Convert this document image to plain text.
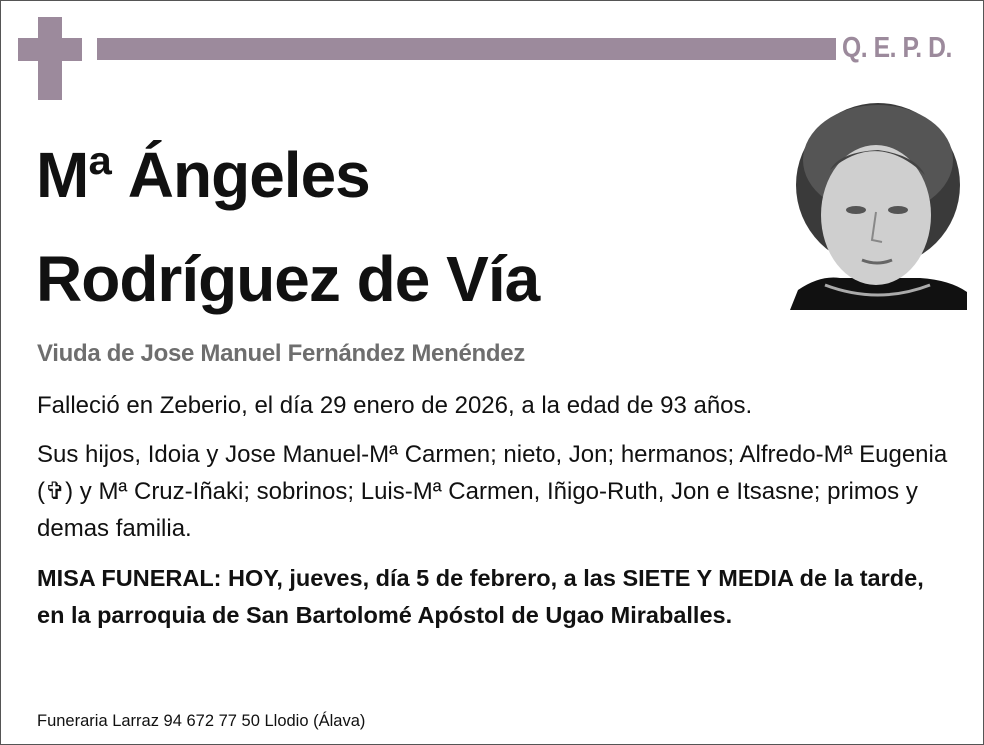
Q. E. P. D.
Mª Ángeles
Rodríguez de Vía
Viuda de Jose Manuel Fernández Menéndez
Falleció en Zeberio, el día 29 enero de 2026, a la edad de 93 años.
Sus hijos, Idoia y Jose Manuel-Mª Carmen; nieto, Jon; hermanos; Alfredo-Mª Eugenia (✞) y Mª Cruz-Iñaki; sobrinos; Luis-Mª Carmen, Iñigo-Ruth, Jon e Itsasne; primos y demas familia.
MISA FUNERAL: HOY, jueves, día 5 de febrero, a las SIETE Y MEDIA de la tarde, en la parroquia de San Bartolomé Apóstol de Ugao Miraballes.
Funeraria Larraz 94 672 77 50 Llodio (Álava)
